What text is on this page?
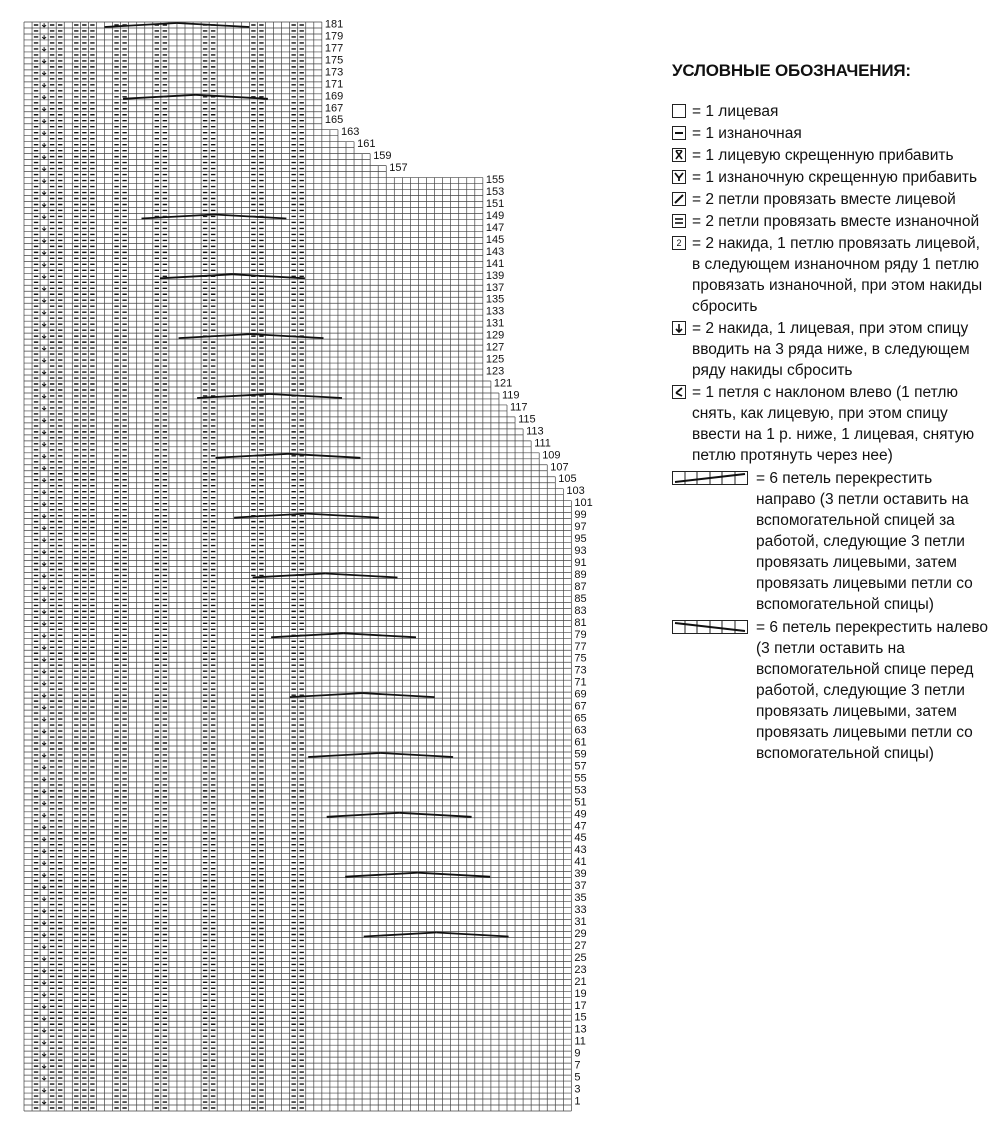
181
179
177
175
173
171
169
167
165
163
161
159
157
155
153
151
149
147
145
143
141
139
137
135
133
131
129
127
125
123
121
119
117
115
113
111
109
107
105
103
101
99
97
95
93
91
89
87
85
83
81
79
77
75
73
71
69
67
65
63
61
59
57
55
53
51
49
47
45
43
41
39
37
35
33
31
29
27
25
23
21
19
17
15
13
11
9
7
5
3
1
УСЛОВНЫЕ ОБОЗНАЧЕНИЯ:
= 1 лицевая
= 1 изнаночная
= 1 лицевую скрещенную прибавить
= 1 изнаночную скрещенную прибавить
= 2 петли провязать вместе лицевой
= 2 петли провязать вместе изнаночной
2 = 2 накида, 1 петлю провязать лицевой, в следующем изнаночном ряду 1 петлю провязать изнаночной, при этом накиды сбросить
= 2 накида, 1 лицевая, при этом спицу вводить на 3 ряда ниже, в следующем ряду накиды сбросить
= 1 петля с наклоном влево (1 петлю снять, как лицевую, при этом спицу ввести на 1 р. ниже, 1 лицевая, снятую петлю протянуть через нее)
= 6 петель перекрестить направо (3 петли оставить на вспомогательной спицей за работой, следующие 3 петли провязать лицевыми, затем провязать лицевыми петли со вспомогательной спицы)
= 6 петель перекрестить налево (3 петли оставить на вспомогательной спице перед работой, следующие 3 петли провязать лицевыми, затем провязать лицевыми петли со вспомогательной спицы)
